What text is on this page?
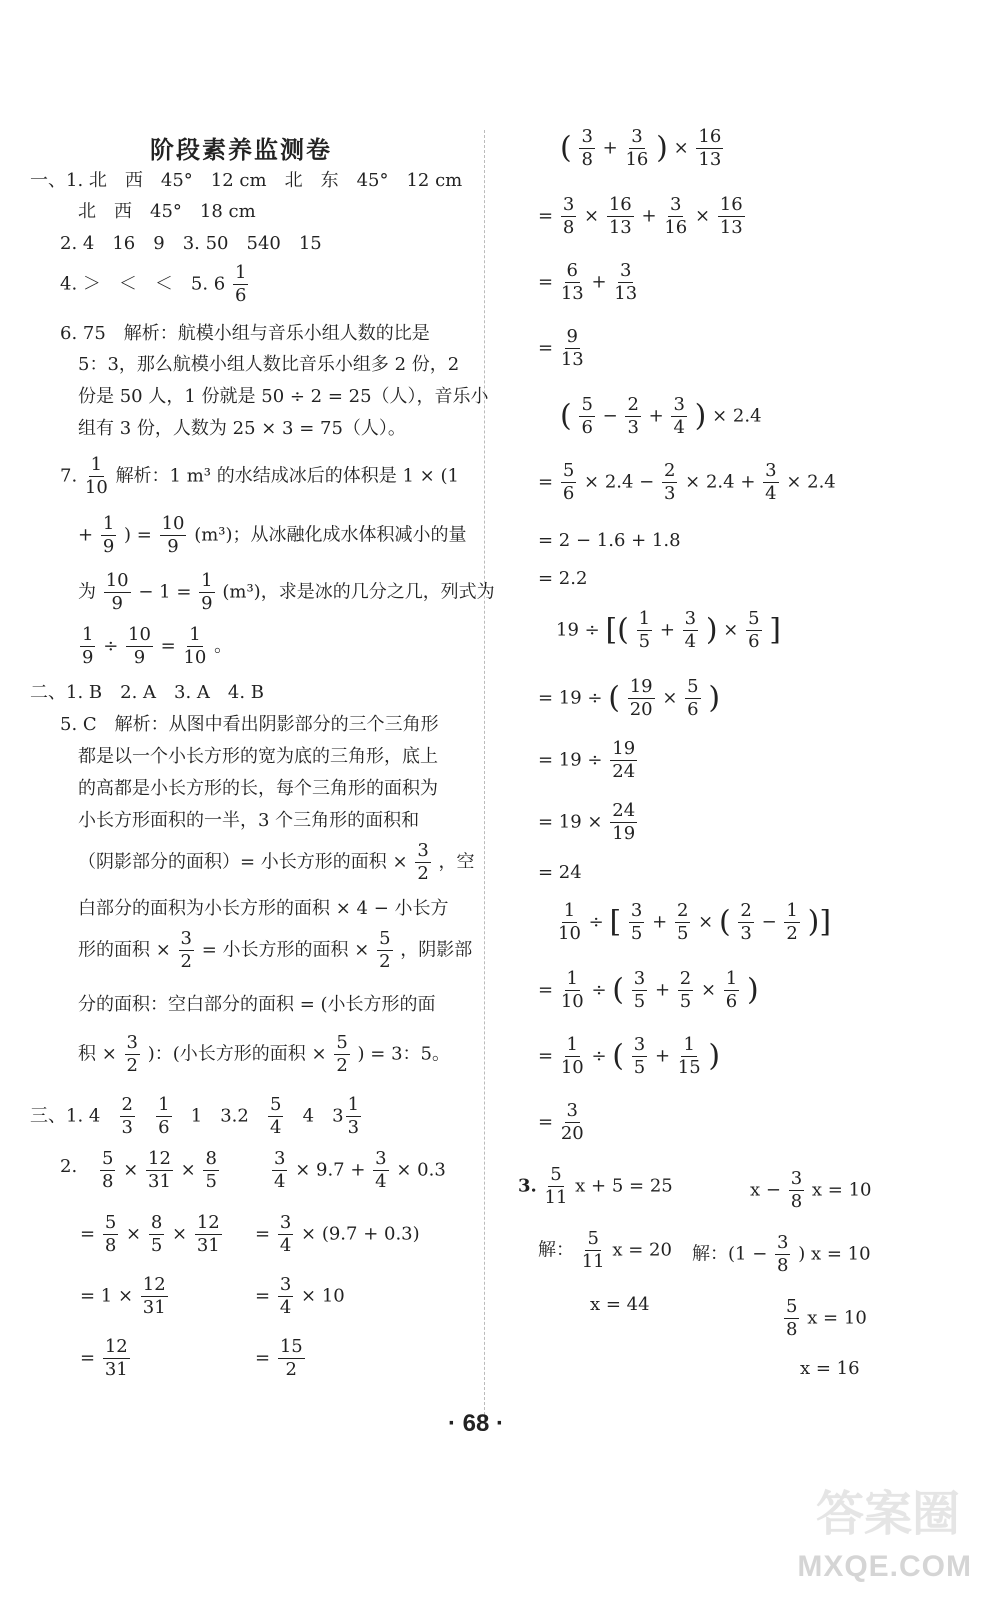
阶段素养监测卷
一、1. 北　西　45°　12 cm　北　东　45°　12 cm
北　西　45°　18 cm
2. 4　16　9　3. 50　540　15
4. ＞　＜　＜　5. $6 \frac{1}{6}$
6. 75　解析：航模小组与音乐小组人数的比是
5：3，那么航模小组人数比音乐小组多 2 份，2
份是 50 人，1 份就是 50 ÷ 2 = 25（人），音乐小
组有 3 份，人数为 25 × 3 = 75（人）。
7. $\frac{1}{10}$ 解析：1 m³ 的水结成冰后的体积是 1 × (1
+ $\frac{1}{9}$ ) = $\frac{10}{9} (m^3)$；从冰融化成水体积减小的量
为 $\frac{10}{9} - 1 = \frac{1}{9} (m^3)$，求是冰的几分之几，列式为
$\frac{1}{9} \div \frac{10}{9} = \frac{1}{10}$ 。
二、1. B　2. A　3. A　4. B
5. C　解析：从图中看出阴影部分的三个三角形
都是以一个小长方形的宽为底的三角形，底上
的高都是小长方形的长，每个三角形的面积为
小长方形面积的一半，3 个三角形的面积和
（阴影部分的面积）= 小长方形的面积 × $\frac{3}{2}$ ，空
白部分的面积为小长方形的面积 × 4 − 小长方
形的面积 × $\frac{3}{2}$ = 小长方形的面积 × $\frac{5}{2}$ ，阴影部
分的面积：空白部分的面积 = (小长方形的面
积 × $\frac{3}{2}$ )：(小长方形的面积 × $\frac{5}{2}$ ) = 3：5。
三、1. $4 \frac{2}{3}$
$\frac{1}{6} 1$　$3.2 \frac{5}{4} 4$　$3 \frac{1}{3}$
2. $\frac{5}{8} \times \frac{12}{31} \times \frac{8}{5}$
= $\frac{5}{8} \times \frac{8}{5} \times \frac{12}{31}$
= $1 \times \frac{12}{31}$
= $\frac{12}{31}$
$\frac{3}{4} \times 9.7 + \frac{3}{4} \times 0.3$
= $\frac{3}{4} \times (9.7 + 0.3)$
= $\frac{3}{4} \times 10$
= $\frac{15}{2}$
( $\frac{3}{8} + \frac{3}{16}$ ) × $\frac{16}{13}$
= $\frac{3}{8} \times \frac{16}{13} + \frac{3}{16} \times \frac{16}{13}$
= $\frac{6}{13} + \frac{3}{13}$
= $\frac{9}{13}$
( $\frac{5}{6} - \frac{2}{3} + \frac{3}{4}$ ) × 2.4
= $\frac{5}{6} \times 2.4 - \frac{2}{3} \times 2.4 + \frac{3}{4} \times 2.4$
= 2 − 1.6 + 1.8
= 2.2
19 ÷ [( $\frac{1}{5} + \frac{3}{4}$ ) × $\frac{5}{6}$ ]
= 19 ÷ ( $\frac{19}{20} \times \frac{5}{6}$ )
= $19 \div \frac{19}{24}$
= $19 \times \frac{24}{19}$
= 24
$\frac{1}{10}$ ÷ [ $\frac{3}{5} + \frac{2}{5}$ × ( $\frac{2}{3} - \frac{1}{2}$ )]
= $\frac{1}{10}$ ÷ ( $\frac{3}{5} + \frac{2}{5} \times \frac{1}{6}$ )
= $\frac{1}{10}$ ÷ ( $\frac{3}{5} + \frac{1}{15}$ )
= $\frac{3}{20}$
3. $\frac{5}{11}$ x + 5 = 25
解： $\frac{5}{11}$ x = 20
x = 44
$x - \frac{3}{8}$ x = 10
解：($1 - \frac{3}{8}$ ) x = 10
$\frac{5}{8}$ x = 10
x = 16
· 68 ·
答案圈
MXQE.COM
